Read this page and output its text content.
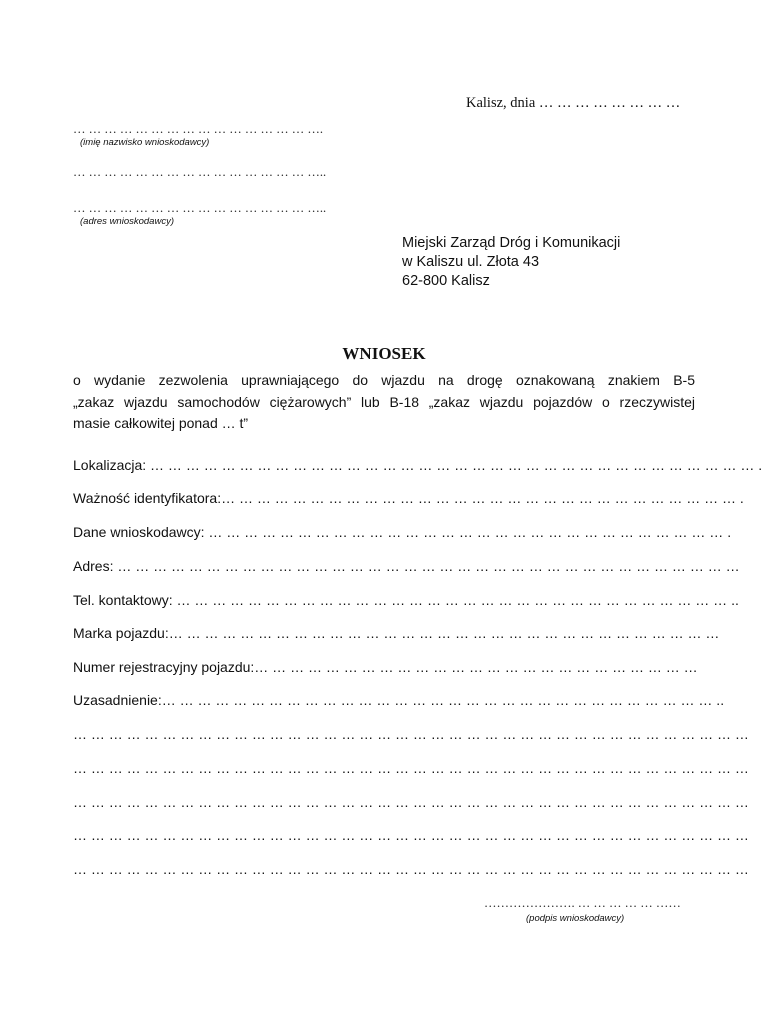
Kalisz, dnia … … … … … … … …
… … … … … … … … … … … … … … … ….
(imię nazwisko wnioskodawcy)
… … … … … … … … … … … … … … … …..
… … … … … … … … … … … … … … … …..
(adres wnioskodawcy)
Miejski Zarząd Dróg i Komunikacji
w Kaliszu ul. Złota 43
62-800 Kalisz
WNIOSEK
o wydanie zezwolenia uprawniającego do wjazdu na drogę oznakowaną znakiem B-5
„zakaz wjazdu samochodów ciężarowych” lub B-18 „zakaz wjazdu pojazdów o rzeczywistej
masie całkowitej ponad … t”
Lokalizacja: … … … … … … … … … … … … … … … … … … … … … … … … … … … … … … … … … … .
Ważność identyfikatora:… … … … … … … … … … … … … … … … … … … … … … … … … … … … … .
Dane wnioskodawcy: … … … … … … … … … … … … … … … … … … … … … … … … … … … … … .
Adres: … … … … … … … … … … … … … … … … … … … … … … … … … … … … … … … … … … …
Tel. kontaktowy: … … … … … … … … … … … … … … … … … … … … … … … … … … … … … … … ..
Marka pojazdu:… … … … … … … … … … … … … … … … … … … … … … … … … … … … … … …
Numer rejestracyjny pojazdu:… … … … … … … … … … … … … … … … … … … … … … … … …
Uzasadnienie:… … … … … … … … … … … … … … … … … … … … … … … … … … … … … … … ..
… … … … … … … … … … … … … … … … … … … … … … … … … … … … … … … … … … … … … …
… … … … … … … … … … … … … … … … … … … … … … … … … … … … … … … … … … … … … …
… … … … … … … … … … … … … … … … … … … … … … … … … … … … … … … … … … … … … …
… … … … … … … … … … … … … … … … … … … … … … … … … … … … … … … … … … … … … …
… … … … … … … … … … … … … … … … … … … … … … … … … … … … … … … … … … … … … …
…………………. … … … … … ……
(podpis wnioskodawcy)
